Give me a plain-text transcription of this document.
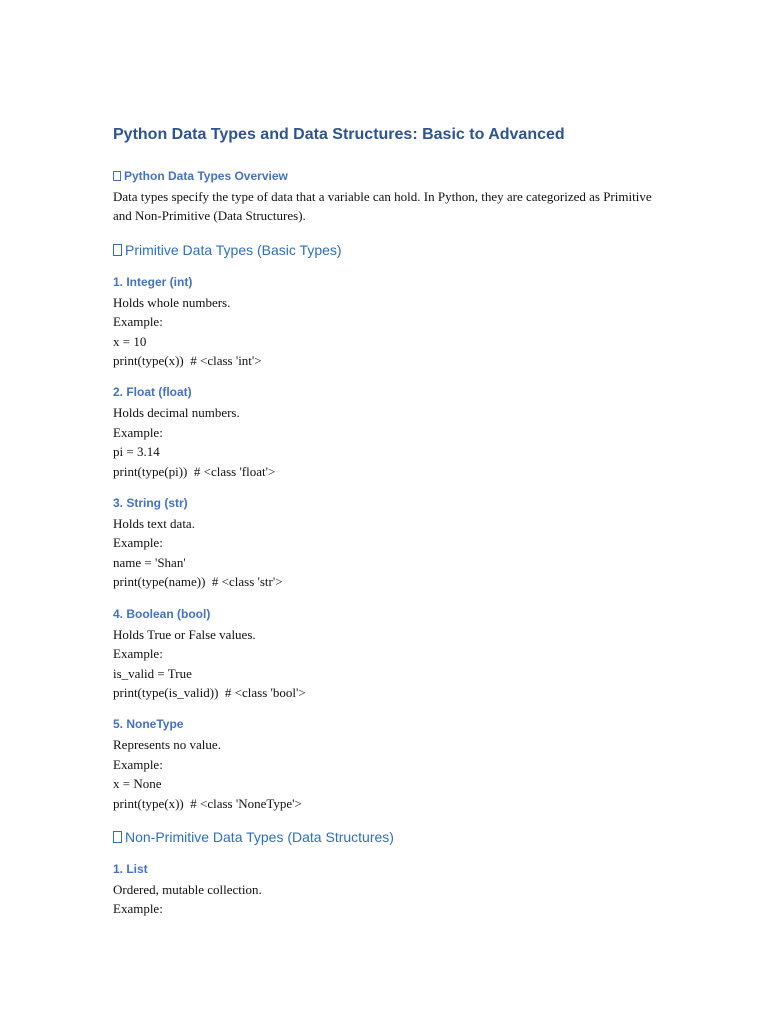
Python Data Types and Data Structures: Basic to Advanced
Python Data Types Overview

Data types specify the type of data that a variable can hold. In Python, they are categorized as Primitive and Non-Primitive (Data Structures).

Primitive Data Types (Basic Types)
1. Integer (int)

Holds whole numbers.

Example:

x = 10

print(type(x))  # <class 'int'>

2. Float (float)

Holds decimal numbers.

Example:

pi = 3.14

print(type(pi))  # <class 'float'>

3. String (str)

Holds text data.

Example:

name = 'Shan'

print(type(name))  # <class 'str'>

4. Boolean (bool)

Holds True or False values.

Example:

is_valid = True

print(type(is_valid))  # <class 'bool'>

5. NoneType

Represents no value.

Example:

x = None

print(type(x))  # <class 'NoneType'>

Non-Primitive Data Types (Data Structures)
1. List

Ordered, mutable collection.

Example:
